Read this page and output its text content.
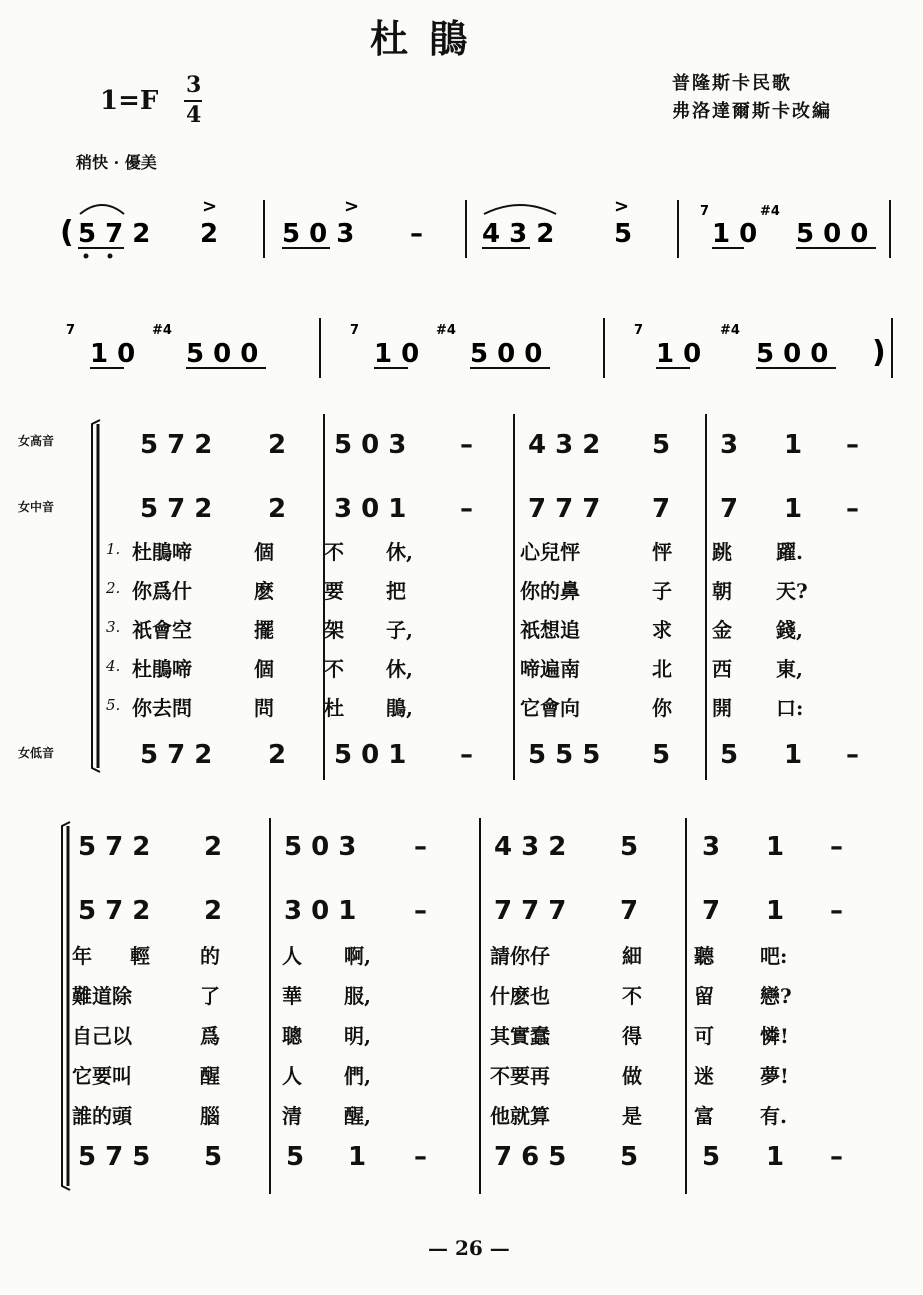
杜 鵑
1=F
3
4
普隆斯卡民歌
弗洛達爾斯卡改編
稍快 · 優美
女高音
女中音
女低音
( 5 7 2 2 5 0 3 – 4 3 2 5	1 0 5 0 0
>	>	>	7	#4
1 0 5 0 0	1 0 5 0 0	1 0 5 0 0 )
7	#4	7	#4	7	#4
5 7 2 2 5 0 3 – 4 3 2 5 3 1 –
5 7 2 2 3 0 1 – 7 7 7 7 7 1 –
5 7 2 2 5 0 1 – 5 5 5 5 5 1 –
1. 杜鵑啼	個	不 休,	心兒怦	怦 跳 躍.
2. 你爲什	麽	要 把	你的鼻	子 朝 天?
3. 祇會空	擺	架 子,	祇想追	求 金 錢,
4. 杜鵑啼	個	不 休,	啼遍南	北 西 東,
5. 你去問	問	杜 鵑,	它會向	你 開 口:
5 7 2 2 5 0 3 –	4 3 2 5 3 1 –
5 7 2 2 3 0 1 –	7 7 7 7 7 1 –
5 7 5 5 5 1 –	7 6 5 5 5 1 –
年 輕	的	人 啊,	請你仔	細	聽 吧:
難道除	了	華 服,	什麽也	不	留 戀?
自己以	爲	聰 明,	其實蠢	得	可 憐!
它要叫	醒	人 們,	不要再	做	迷 夢!
誰的頭	腦	清 醒,	他就算	是	富 有.
— 26 —
